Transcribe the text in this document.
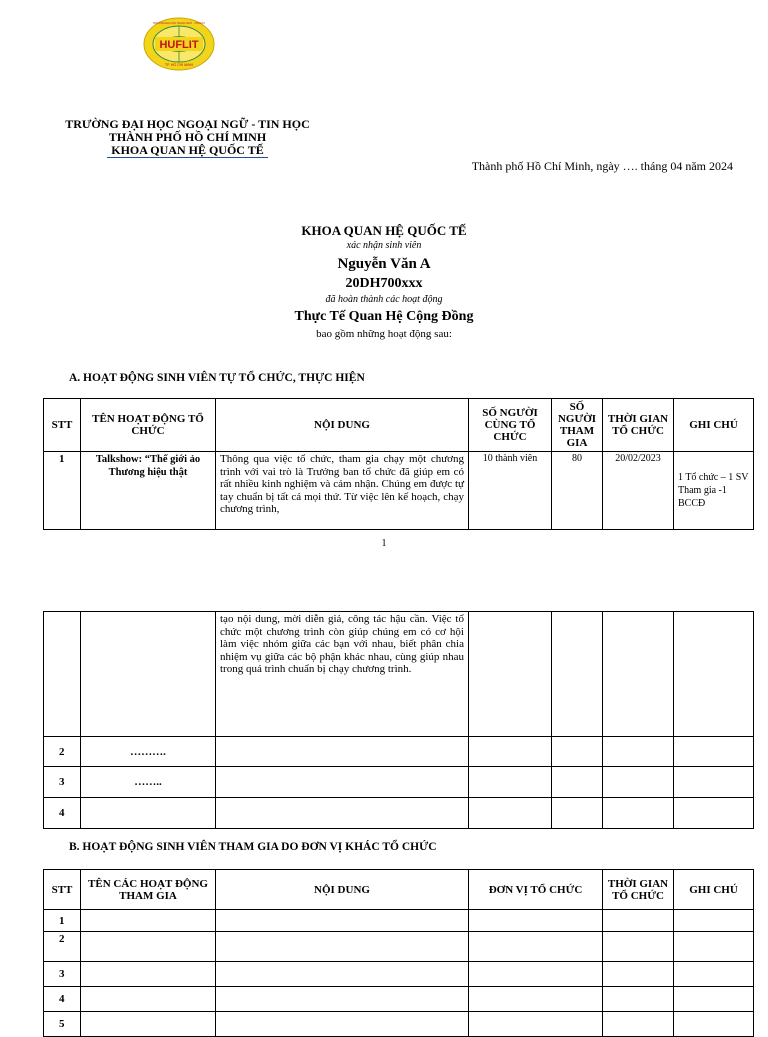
HUFLIT
TP. HỒ CHÍ MINH
TRƯỜNG ĐẠI HỌC NGOẠI NGỮ - TIN HỌC
TRƯỜNG ĐẠI HỌC NGOẠI NGỮ - TIN HỌC
THÀNH PHỐ HỒ CHÍ MINH
KHOA QUAN HỆ QUỐC TẾ
Thành phố Hồ Chí Minh, ngày …. tháng 04 năm 2024
KHOA QUAN HỆ QUỐC TẾ
xác nhận sinh viên
Nguyễn Văn A
20DH700xxx
đã hoàn thành các hoạt động
Thực Tế Quan Hệ Cộng Đồng
bao gồm những hoạt động sau:
A. HOẠT ĐỘNG SINH VIÊN TỰ TỔ CHỨC, THỰC HIỆN
STT	TÊN HOẠT ĐỘNG TỔ CHỨC	NỘI DUNG	SỐ NGƯỜI CÙNG TỔ CHỨC	SỐ NGƯỜI THAM GIA	THỜI GIAN TỔ CHỨC	GHI CHÚ
1	Talkshow: “Thế giới ảo Thương hiệu thật	Thông qua việc tổ chức, tham gia chạy một chương trình với vai trò là Trưởng ban tổ chức đã giúp em có rất nhiều kinh nghiệm và cảm nhận. Chúng em được tự tay chuẩn bị tất cả mọi thứ. Từ việc lên kế hoạch, chạy chương trình,	10 thành viên	80	20/02/2023	1 Tổ chức – 1 SV Tham gia -1 BCCĐ
1
		tạo nội dung, mời diễn giả, công tác hậu cần. Việc tổ chức một chương trình còn giúp chúng em có cơ hội làm việc nhóm giữa các bạn với nhau, biết phân chia nhiệm vụ giữa các bộ phận khác nhau, cùng giúp nhau trong quá trình chuẩn bị chạy chương trình.				
2	……….					
3	……..					
4						
B. HOẠT ĐỘNG SINH VIÊN THAM GIA DO ĐƠN VỊ KHÁC TỔ CHỨC
STT	TÊN CÁC HOẠT ĐỘNG THAM GIA	NỘI DUNG	ĐƠN VỊ TỔ CHỨC	THỜI GIAN TỔ CHỨC	GHI CHÚ
1					
2					
3					
4					
5					
